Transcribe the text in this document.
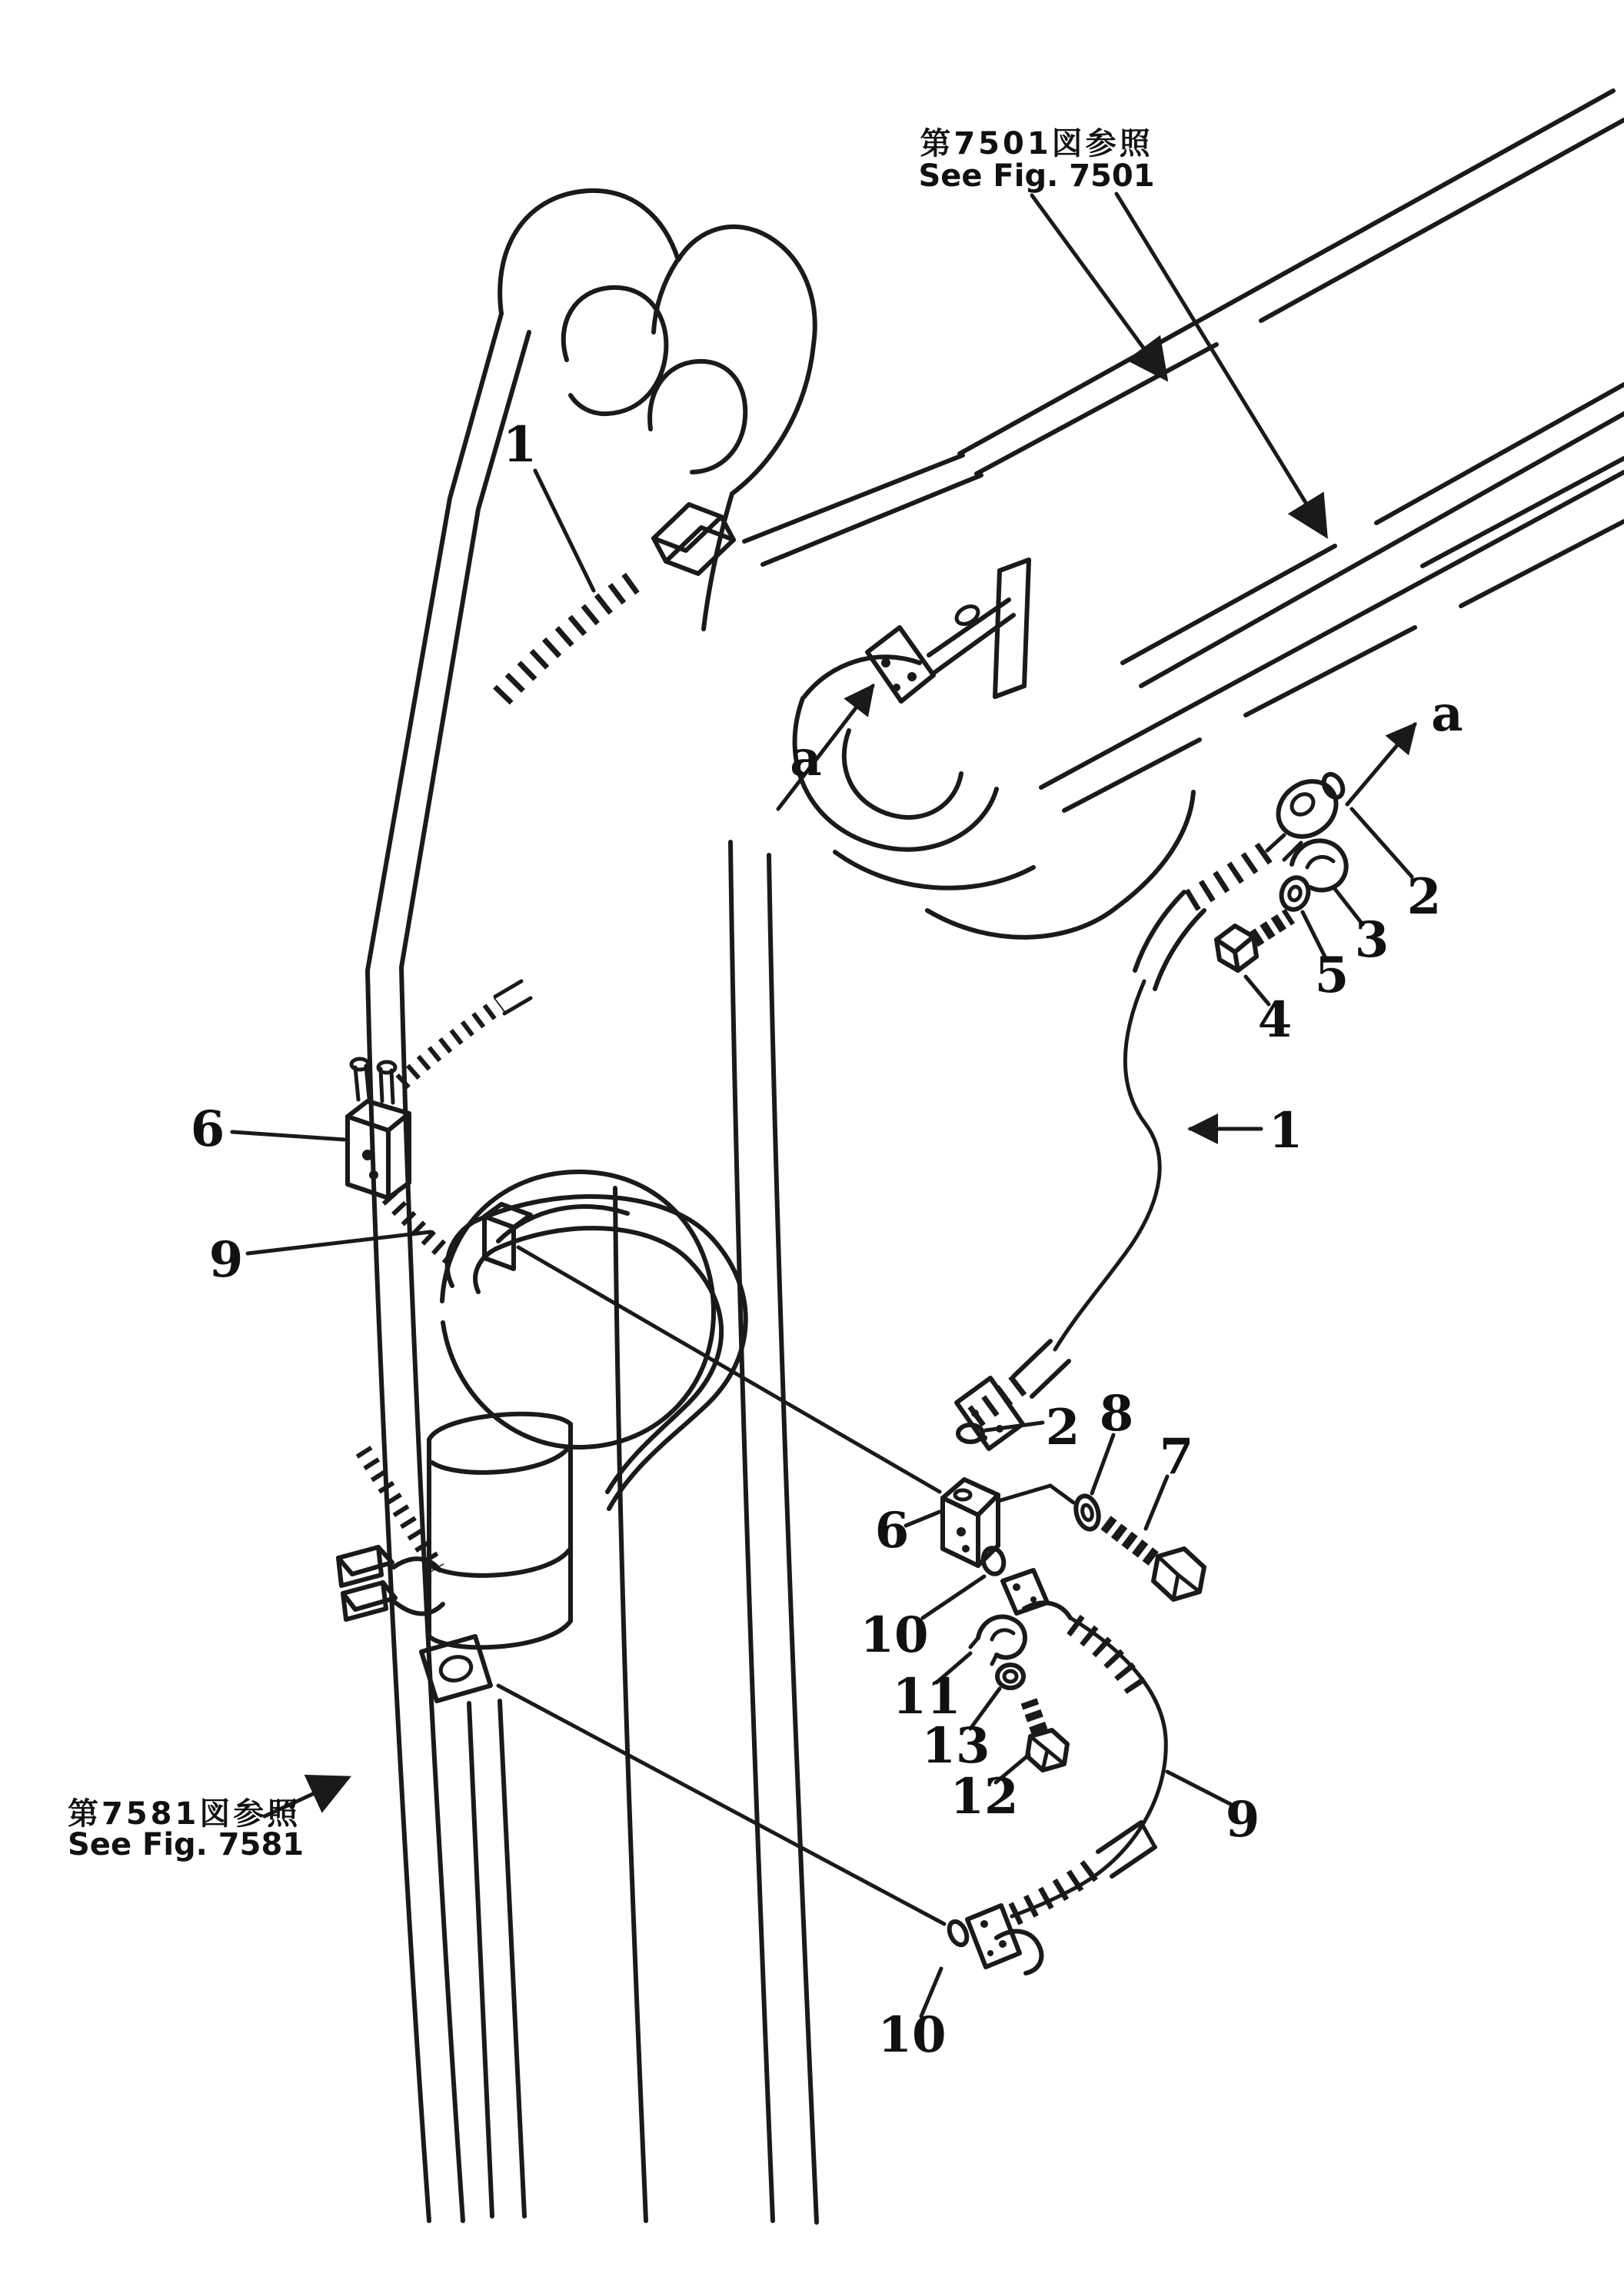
第7501図参照
See Fig. 7501
第7581図参照
See Fig. 7581
1
a
a
2
3
5
4
1
6
9
2 8
7
6
10
11
13
12	9
10
